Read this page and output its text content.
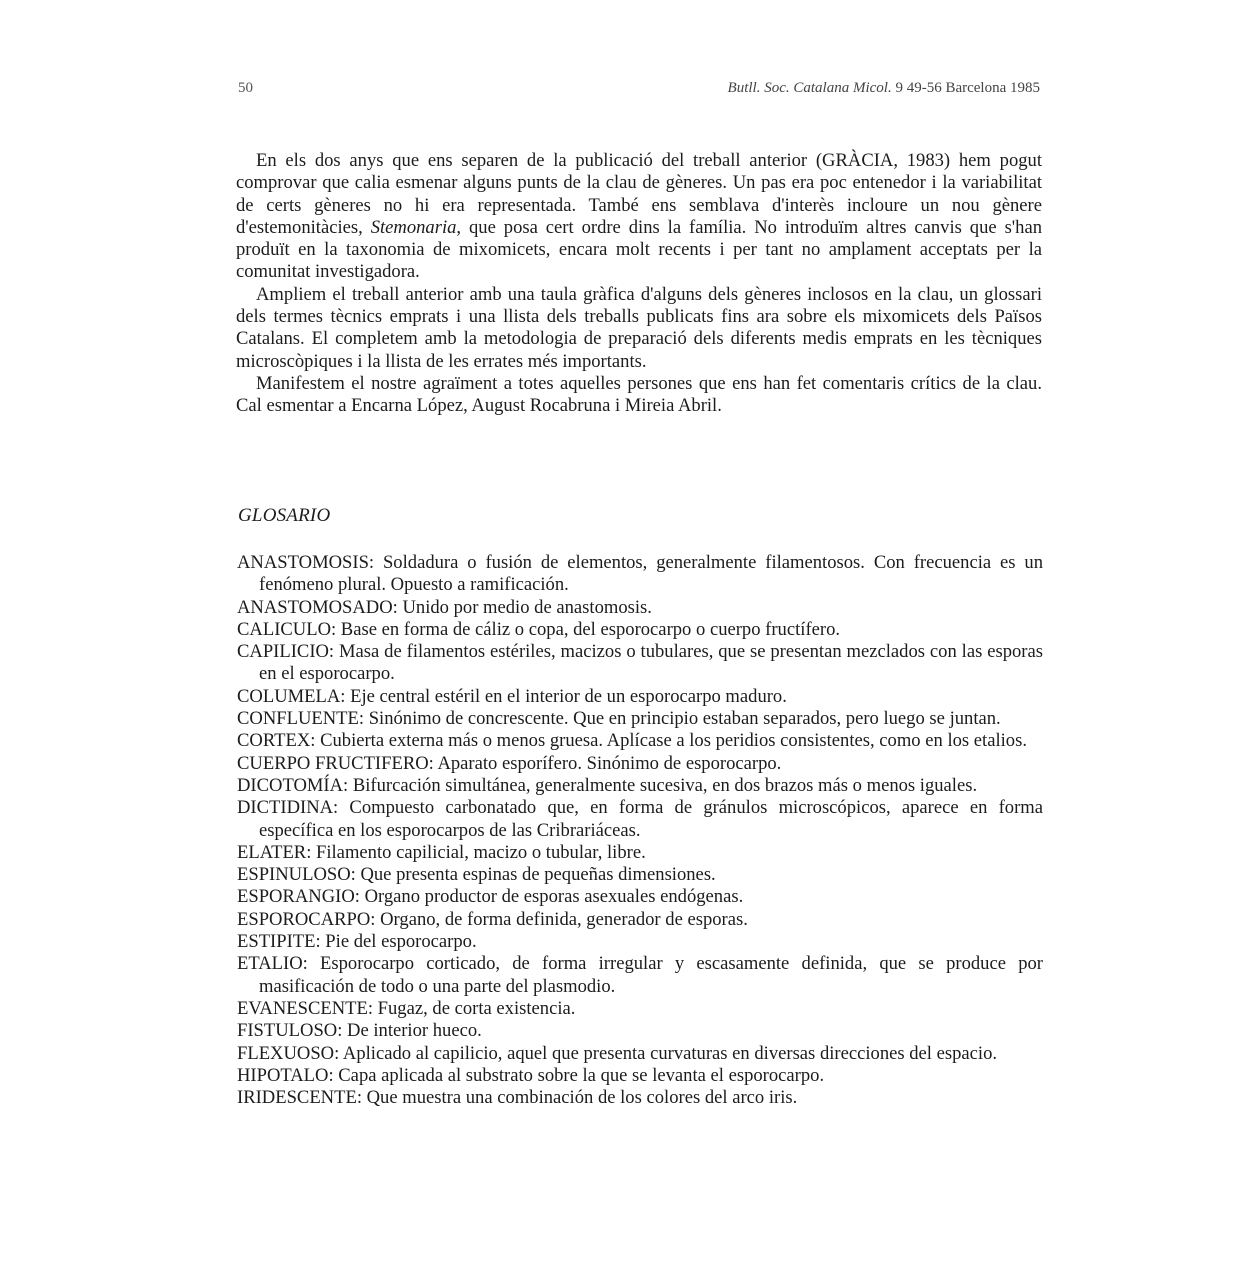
50	Butll. Soc. Catalana Micol. 9 49-56 Barcelona 1985

En els dos anys que ens separen de la publicació del treball anterior (GRÀCIA, 1983) hem pogut comprovar que calia esmenar alguns punts de la clau de gèneres. Un pas era poc entenedor i la variabilitat de certs gèneres no hi era representada. També ens semblava d'interès incloure un nou gènere d'estemonitàcies, Stemonaria, que posa cert ordre dins la família. No introduïm altres canvis que s'han produït en la taxonomia de mixomicets, encara molt recents i per tant no amplament acceptats per la comunitat investigadora.

Ampliem el treball anterior amb una taula gràfica d'alguns dels gèneres inclosos en la clau, un glossari dels termes tècnics emprats i una llista dels treballs publicats fins ara sobre els mixomicets dels Països Catalans. El completem amb la metodologia de preparació dels diferents medis emprats en les tècniques microscòpiques i la llista de les errates més importants.

Manifestem el nostre agraïment a totes aquelles persones que ens han fet comentaris crítics de la clau. Cal esmentar a Encarna López, August Rocabruna i Mireia Abril.

GLOSARIO
ANASTOMOSIS: Soldadura o fusión de elementos, generalmente filamentosos. Con frecuencia es un fenómeno plural. Opuesto a ramificación.
ANASTOMOSADO: Unido por medio de anastomosis.
CALICULO: Base en forma de cáliz o copa, del esporocarpo o cuerpo fructífero.
CAPILICIO: Masa de filamentos estériles, macizos o tubulares, que se presentan mezclados con las esporas en el esporocarpo.
COLUMELA: Eje central estéril en el interior de un esporocarpo maduro.
CONFLUENTE: Sinónimo de concrescente. Que en principio estaban separados, pero luego se juntan.
CORTEX: Cubierta externa más o menos gruesa. Aplícase a los peridios consistentes, como en los etalios.
CUERPO FRUCTIFERO: Aparato esporífero. Sinónimo de esporocarpo.
DICOTOMÍA: Bifurcación simultánea, generalmente sucesiva, en dos brazos más o menos iguales.
DICTIDINA: Compuesto carbonatado que, en forma de gránulos microscópicos, aparece en forma específica en los esporocarpos de las Cribrariáceas.
ELATER: Filamento capilicial, macizo o tubular, libre.
ESPINULOSO: Que presenta espinas de pequeñas dimensiones.
ESPORANGIO: Organo productor de esporas asexuales endógenas.
ESPOROCARPO: Organo, de forma definida, generador de esporas.
ESTIPITE: Pie del esporocarpo.
ETALIO: Esporocarpo corticado, de forma irregular y escasamente definida, que se produce por masificación de todo o una parte del plasmodio.
EVANESCENTE: Fugaz, de corta existencia.
FISTULOSO: De interior hueco.
FLEXUOSO: Aplicado al capilicio, aquel que presenta curvaturas en diversas direcciones del espacio.
HIPOTALO: Capa aplicada al substrato sobre la que se levanta el esporocarpo.
IRIDESCENTE: Que muestra una combinación de los colores del arco iris.
